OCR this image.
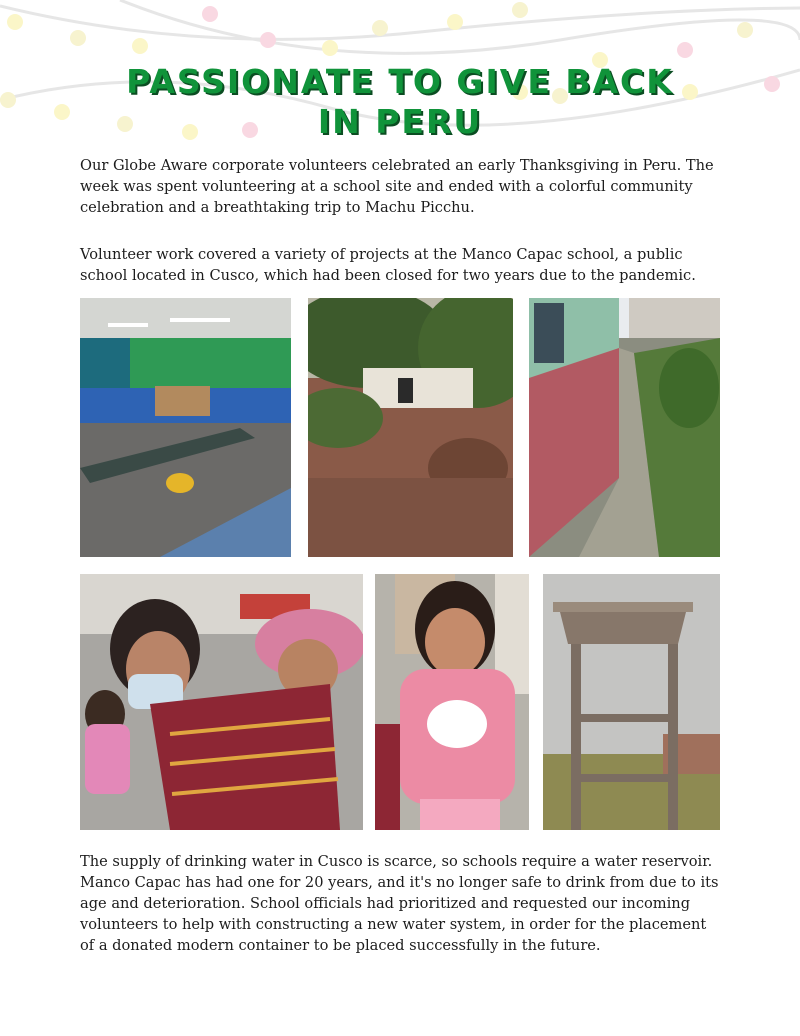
PASSIONATE TO GIVE BACK
IN PERU

Our Globe Aware corporate volunteers celebrated an early Thanksgiving in Peru. The week was spent volunteering at a school site and ended with a colorful community celebration and a breathtaking trip to Machu Picchu.

Volunteer work covered a variety of projects at the Manco Capac school, a public school located in Cusco, which had been closed for two years due to the pandemic.

The supply of drinking water in Cusco is scarce, so schools require a water reservoir. Manco Capac has had one for 20 years, and it's no longer safe to drink from due to its age and deterioration. School officials had prioritized and requested our incoming volunteers to help with constructing a new water system, in order for the placement of a donated modern container to be placed successfully in the future.
